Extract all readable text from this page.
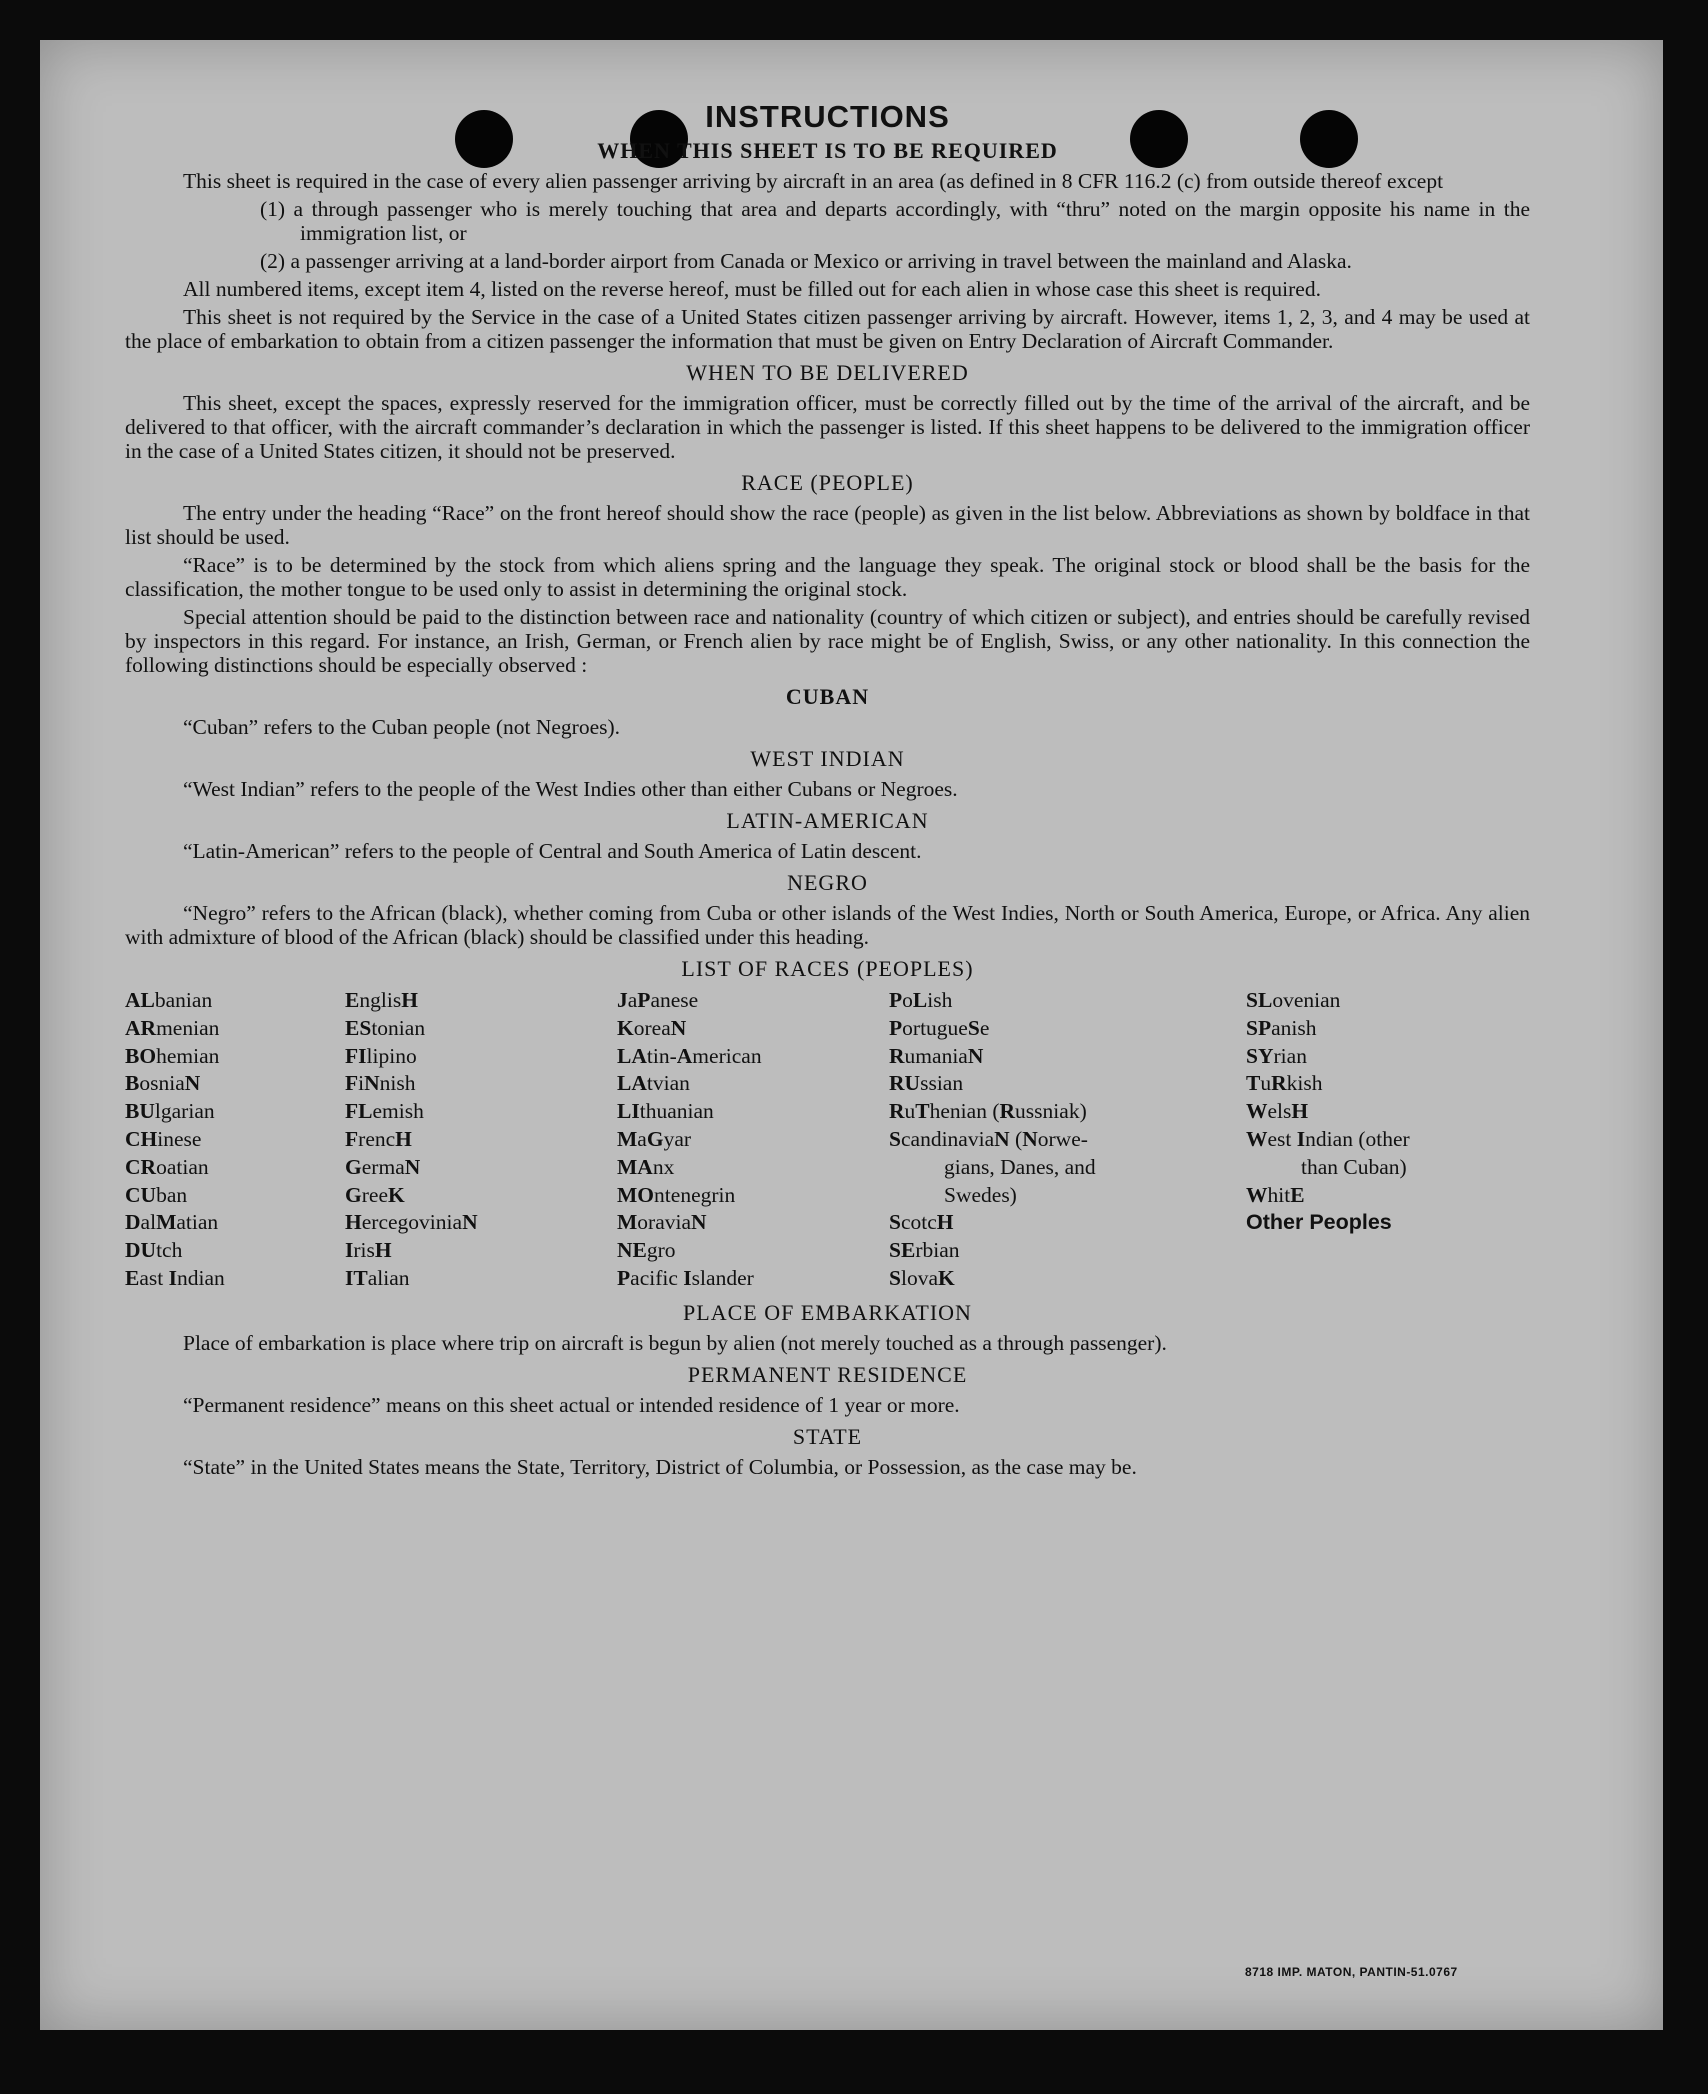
INSTRUCTIONS
WHEN THIS SHEET IS TO BE REQUIRED

This sheet is required in the case of every alien passenger arriving by aircraft in an area (as defined in 8 CFR 116.2 (c) from outside thereof except

(1) a through passenger who is merely touching that area and departs accordingly, with “thru” noted on the margin opposite his name in the immigration list, or

(2) a passenger arriving at a land-border airport from Canada or Mexico or arriving in travel between the mainland and Alaska.

All numbered items, except item 4, listed on the reverse hereof, must be filled out for each alien in whose case this sheet is required.

This sheet is not required by the Service in the case of a United States citizen passenger arriving by aircraft. However, items 1, 2, 3, and 4 may be used at the place of embarkation to obtain from a citizen passenger the information that must be given on Entry Declaration of Aircraft Commander.

WHEN TO BE DELIVERED

This sheet, except the spaces, expressly reserved for the immigration officer, must be correctly filled out by the time of the arrival of the aircraft, and be delivered to that officer, with the aircraft commander’s declaration in which the passenger is listed. If this sheet happens to be delivered to the immigration officer in the case of a United States citizen, it should not be preserved.

RACE (PEOPLE)

The entry under the heading “Race” on the front hereof should show the race (people) as given in the list below. Abbreviations as shown by boldface in that list should be used.

“Race” is to be determined by the stock from which aliens spring and the language they speak. The original stock or blood shall be the basis for the classification, the mother tongue to be used only to assist in determining the original stock.

Special attention should be paid to the distinction between race and nationality (country of which citizen or subject), and entries should be carefully revised by inspectors in this regard. For instance, an Irish, German, or French alien by race might be of English, Swiss, or any other nationality. In this connection the following distinctions should be especially observed :

CUBAN

“Cuban” refers to the Cuban people (not Negroes).

WEST INDIAN

“West Indian” refers to the people of the West Indies other than either Cubans or Negroes.

LATIN-AMERICAN

“Latin-American” refers to the people of Central and South America of Latin descent.

NEGRO

“Negro” refers to the African (black), whether coming from Cuba or other islands of the West Indies, North or South America, Europe, or Africa. Any alien with admixture of blood of the African (black) should be classified under this heading.

LIST OF RACES (PEOPLES)
ALbanian
ARmenian
BOhemian
BosniaN
BUlgarian
CHinese
CRoatian
CUban
DalMatian
DUtch
East Indian
EnglisH
EStonian
FIlipino
FiNnish
FLemish
FrencH
GermaN
GreeK
HercegoviniaN
IrisH
ITalian
JaPanese
KoreaN
LAtin-American
LAtvian
LIthuanian
MaGyar
MAnx
MOntenegrin
MoraviaN
NEgro
Pacific Islander
PoLish
PortugueSe
RumaniaN
RUssian
RuThenian (Russniak)
ScandinaviaN (Norwe-
gians, Danes, and
Swedes)
ScotcH
SErbian
SlovaK
SLovenian
SPanish
SYrian
TuRkish
WelsH
West Indian (other
than Cuban)
WhitE
Other Peoples
PLACE OF EMBARKATION

Place of embarkation is place where trip on aircraft is begun by alien (not merely touched as a through passenger).

PERMANENT RESIDENCE

“Permanent residence” means on this sheet actual or intended residence of 1 year or more.

STATE

“State” in the United States means the State, Territory, District of Columbia, or Possession, as the case may be.

8718 IMP. MATON, PANTIN-51.0767
